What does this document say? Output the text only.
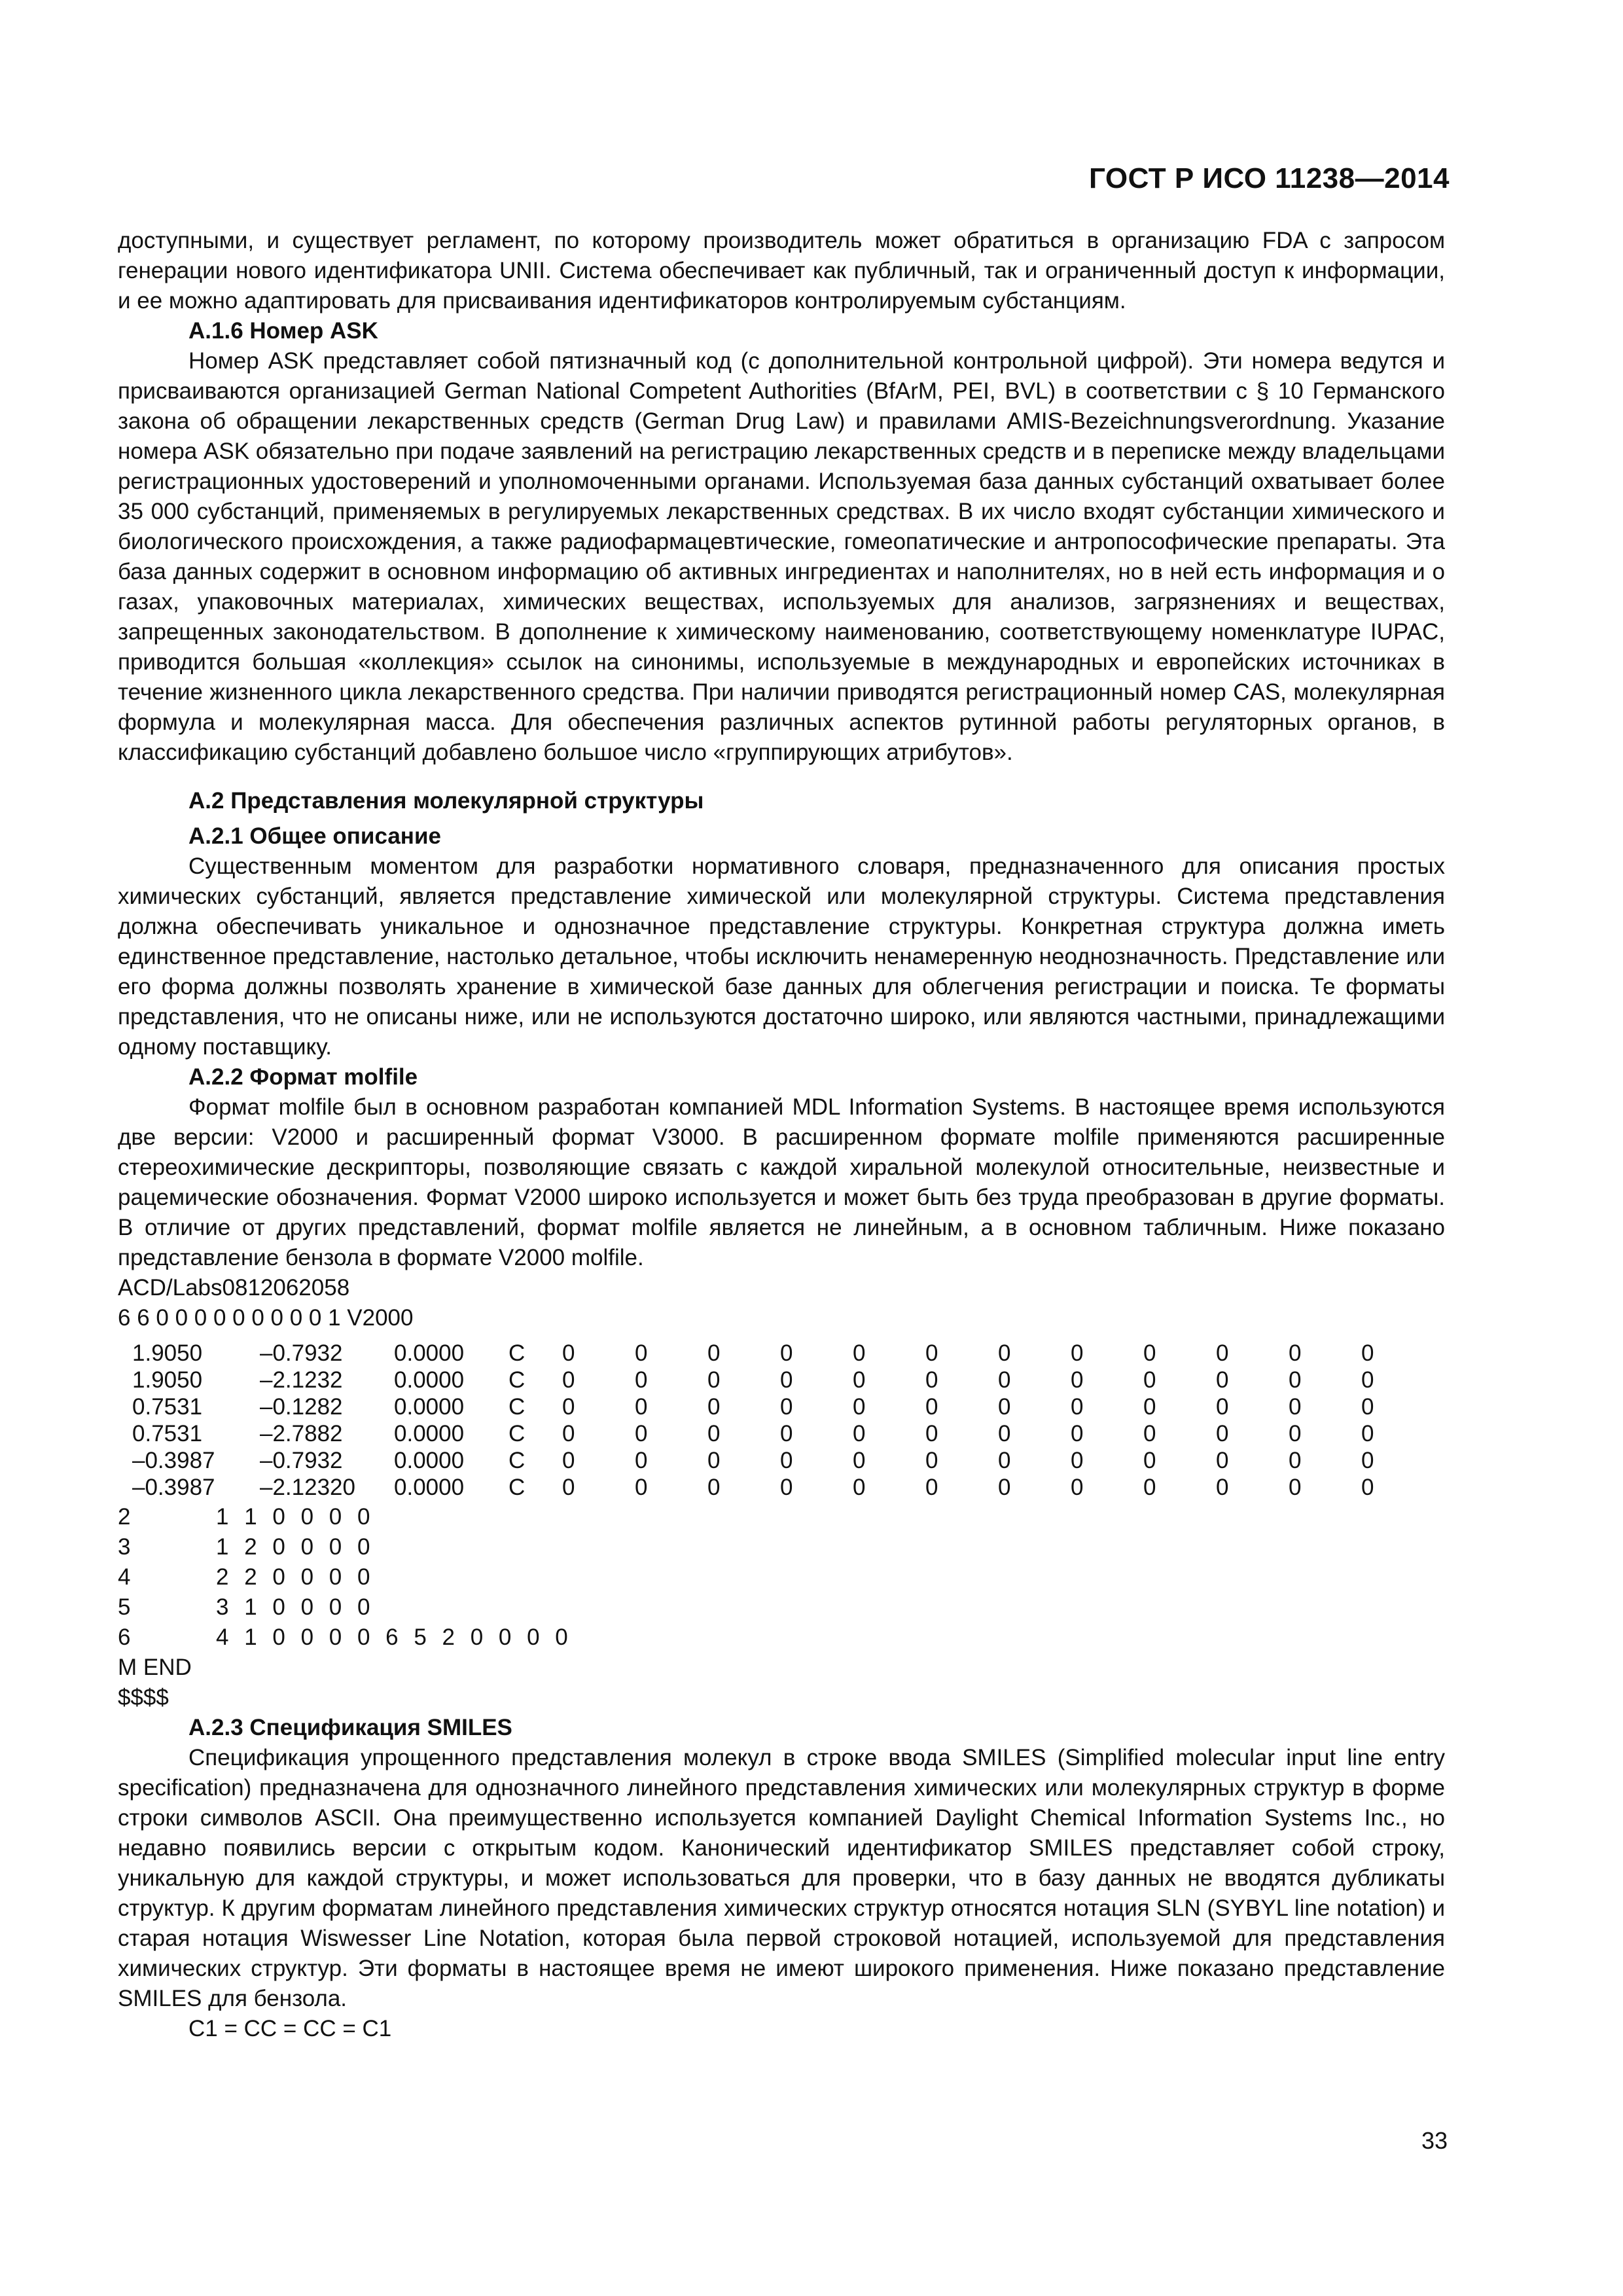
ГОСТ Р ИСО 11238—2014

доступными, и существует регламент, по которому производитель может обратиться в организацию FDA с запросом генерации нового идентификатора UNII. Система обеспечивает как публичный, так и ограниченный доступ к информации, и ее можно адаптировать для присваивания идентификаторов контролируемым субстанциям.

А.1.6 Номер ASK

Номер ASK представляет собой пятизначный код (с дополнительной контрольной цифрой). Эти номера ведутся и присваиваются организацией German National Competent Authorities (BfArM, PEI, BVL) в соответствии с § 10 Германского закона об обращении лекарственных средств (German Drug Law) и правилами AMIS-Bezeichnungsverordnung. Указание номера ASK обязательно при подаче заявлений на регистрацию лекарственных средств и в переписке между владельцами регистрационных удостоверений и уполномоченными органами. Используемая база данных субстанций охватывает более 35 000 субстанций, применяемых в регулируемых лекарственных средствах. В их число входят субстанции химического и биологического происхождения, а также радиофармацевтические, гомеопатические и антропософические препараты. Эта база данных содержит в основном информацию об активных ингредиентах и наполнителях, но в ней есть информация и о газах, упаковочных материалах, химических веществах, используемых для анализов, загрязнениях и веществах, запрещенных законодательством. В дополнение к химическому наименованию, соответствующему номенклатуре IUPAC, приводится большая «коллекция» ссылок на синонимы, используемые в международных и европейских источниках в течение жизненного цикла лекарственного средства. При наличии приводятся регистрационный номер CAS, молекулярная формула и молекулярная масса. Для обеспечения различных аспектов рутинной работы регуляторных органов, в классификацию субстанций добавлено большое число «группирующих атрибутов».

А.2 Представления молекулярной структуры

А.2.1 Общее описание

Существенным моментом для разработки нормативного словаря, предназначенного для описания простых химических субстанций, является представление химической или молекулярной структуры. Система представления должна обеспечивать уникальное и однозначное представление структуры. Конкретная структура должна иметь единственное представление, настолько детальное, чтобы исключить ненамеренную неоднозначность. Представление или его форма должны позволять хранение в химической базе данных для облегчения регистрации и поиска. Те форматы представления, что не описаны ниже, или не используются достаточно широко, или являются частными, принадлежащими одному поставщику.

А.2.2 Формат molfile

Формат molfile был в основном разработан компанией MDL Information Systems. В настоящее время используются две версии: V2000 и расширенный формат V3000. В расширенном формате molfile применяются расширенные стереохимические дескрипторы, позволяющие связать с каждой хиральной молекулой относительные, неизвестные и рацемические обозначения. Формат V2000 широко используется и может быть без труда преобразован в другие форматы. В отличие от других представлений, формат molfile является не линейным, а в основном табличным. Ниже показано представление бензола в формате V2000 molfile.

ACD/Labs0812062058

6 6 0 0 0 0 0 0 0 0 0 1 V2000

1.9050	–0.7932	0.0000	C	0	0	0	0	0	0	0	0	0	0	0	0
1.9050	–2.1232	0.0000	C	0	0	0	0	0	0	0	0	0	0	0	0
0.7531	–0.1282	0.0000	C	0	0	0	0	0	0	0	0	0	0	0	0
0.7531	–2.7882	0.0000	C	0	0	0	0	0	0	0	0	0	0	0	0
–0.3987	–0.7932	0.0000	C	0	0	0	0	0	0	0	0	0	0	0	0
–0.3987	–2.12320	0.0000	C	0	0	0	0	0	0	0	0	0	0	0	0
2	1 1 0 0 0 0
3	1 2 0 0 0 0
4	2 2 0 0 0 0
5	3 1 0 0 0 0
6	4 1 0 0 0 0 6 5 2 0 0 0 0

M END

$$$$

А.2.3 Спецификация SMILES

Спецификация упрощенного представления молекул в строке ввода SMILES (Simplified molecular input line entry specification) предназначена для однозначного линейного представления химических или молекулярных структур в форме строки символов ASCII. Она преимущественно используется компанией Daylight Chemical Information Systems Inc., но недавно появились версии с открытым кодом. Канонический идентификатор SMILES представляет собой строку, уникальную для каждой структуры, и может использоваться для проверки, что в базу данных не вводятся дубликаты структур. К другим форматам линейного представления химических структур относятся нотация SLN (SYBYL line notation) и старая нотация Wiswesser Line Notation, которая была первой строковой нотацией, используемой для представления химических структур. Эти форматы в настоящее время не имеют широкого применения. Ниже показано представление SMILES для бензола.

C1 = CC = CC = C1

33
